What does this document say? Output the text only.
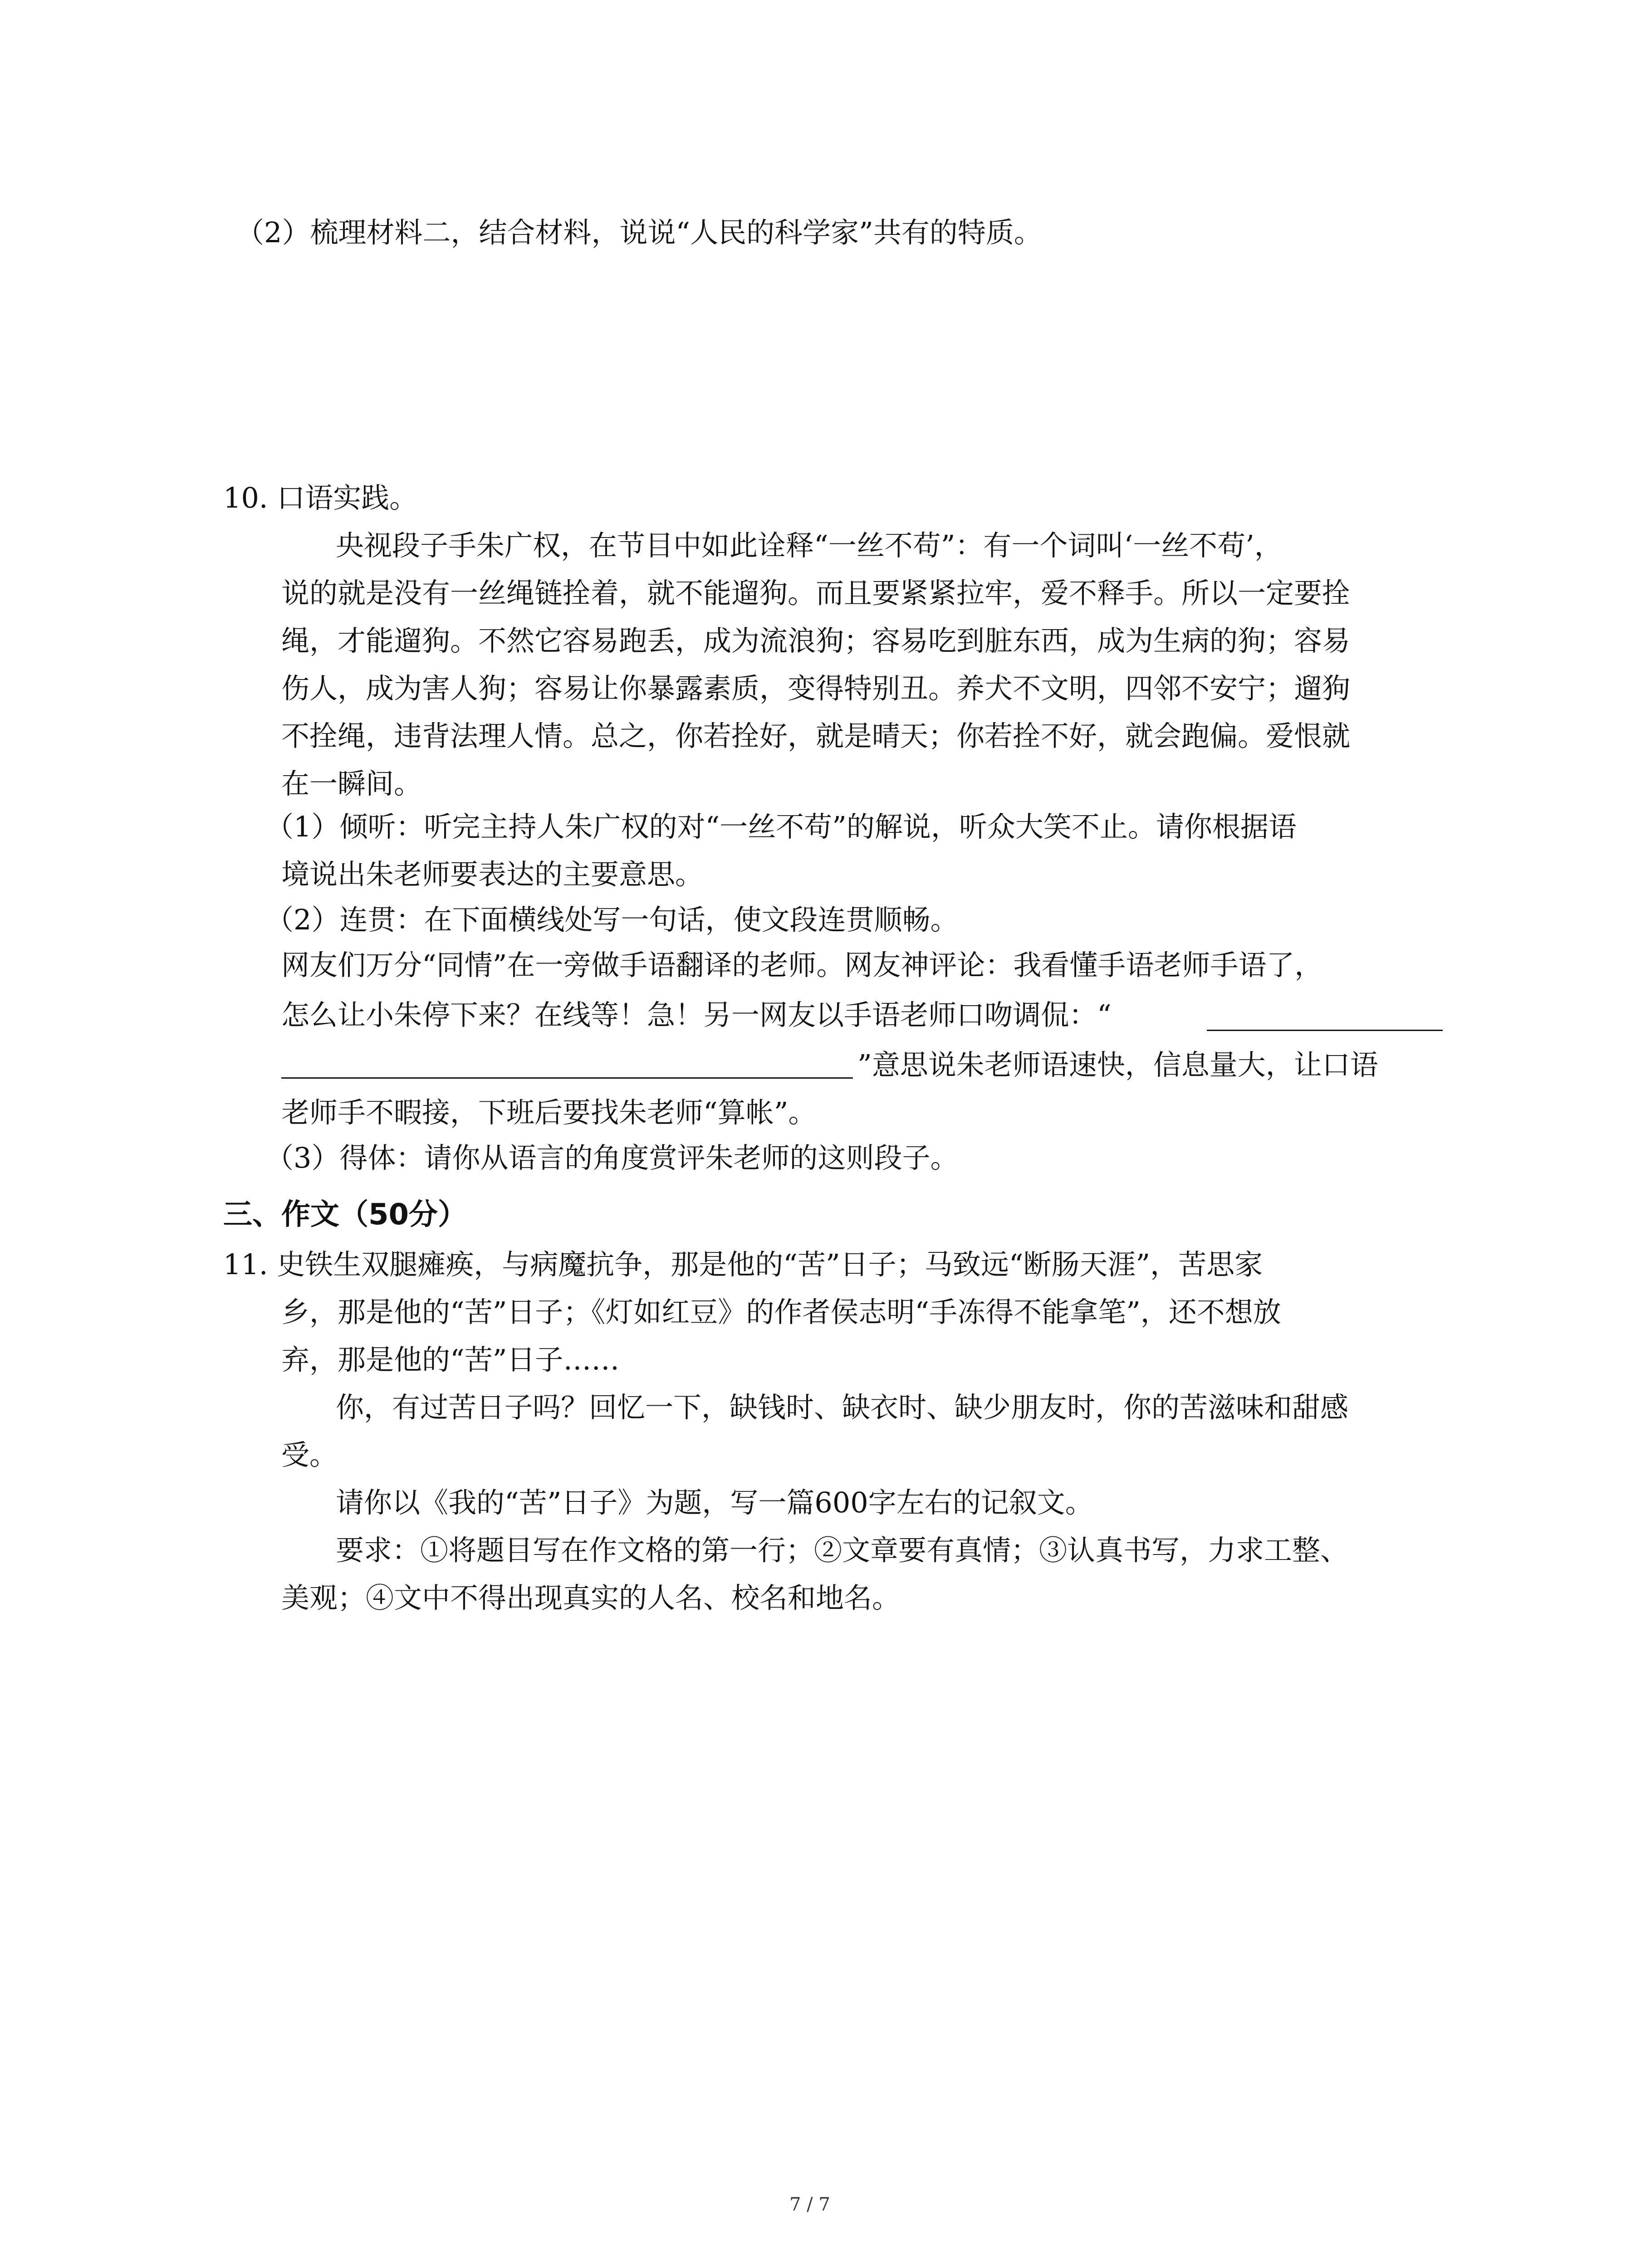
（2）梳理材料二，结合材料，说说“人民的科学家”共有的特质。
10. 口语实践。
央视段子手朱广权，在节目中如此诠释“一丝不苟”：有一个词叫‘一丝不苟’，
说的就是没有一丝绳链拴着，就不能遛狗。而且要紧紧拉牢，爱不释手。所以一定要拴
绳，才能遛狗。不然它容易跑丢，成为流浪狗；容易吃到脏东西，成为生病的狗；容易
伤人，成为害人狗；容易让你暴露素质，变得特别丑。养犬不文明，四邻不安宁；遛狗
不拴绳，违背法理人情。总之，你若拴好，就是晴天；你若拴不好，就会跑偏。爱恨就
在一瞬间。
（1）倾听：听完主持人朱广权的对“一丝不苟”的解说，听众大笑不止。请你根据语
境说出朱老师要表达的主要意思。
（2）连贯：在下面横线处写一句话，使文段连贯顺畅。
网友们万分“同情”在一旁做手语翻译的老师。网友神评论：我看懂手语老师手语了，
怎么让小朱停下来？在线等！急！另一网友以手语老师口吻调侃：“
”意思说朱老师语速快，信息量大，让口语
老师手不暇接，下班后要找朱老师“算帐”。
（3）得体：请你从语言的角度赏评朱老师的这则段子。
三、作文（50分）
11. 史铁生双腿瘫痪，与病魔抗争，那是他的“苦”日子；马致远“断肠天涯”，苦思家
乡，那是他的“苦”日子；《灯如红豆》的作者侯志明“手冻得不能拿笔”，还不想放
弃，那是他的“苦”日子……
你，有过苦日子吗？回忆一下，缺钱时、缺衣时、缺少朋友时，你的苦滋味和甜感
受。
请你以《我的“苦”日子》为题，写一篇600字左右的记叙文。
要求：①将题目写在作文格的第一行；②文章要有真情；③认真书写，力求工整、
美观；④文中不得出现真实的人名、校名和地名。
7 / 7
